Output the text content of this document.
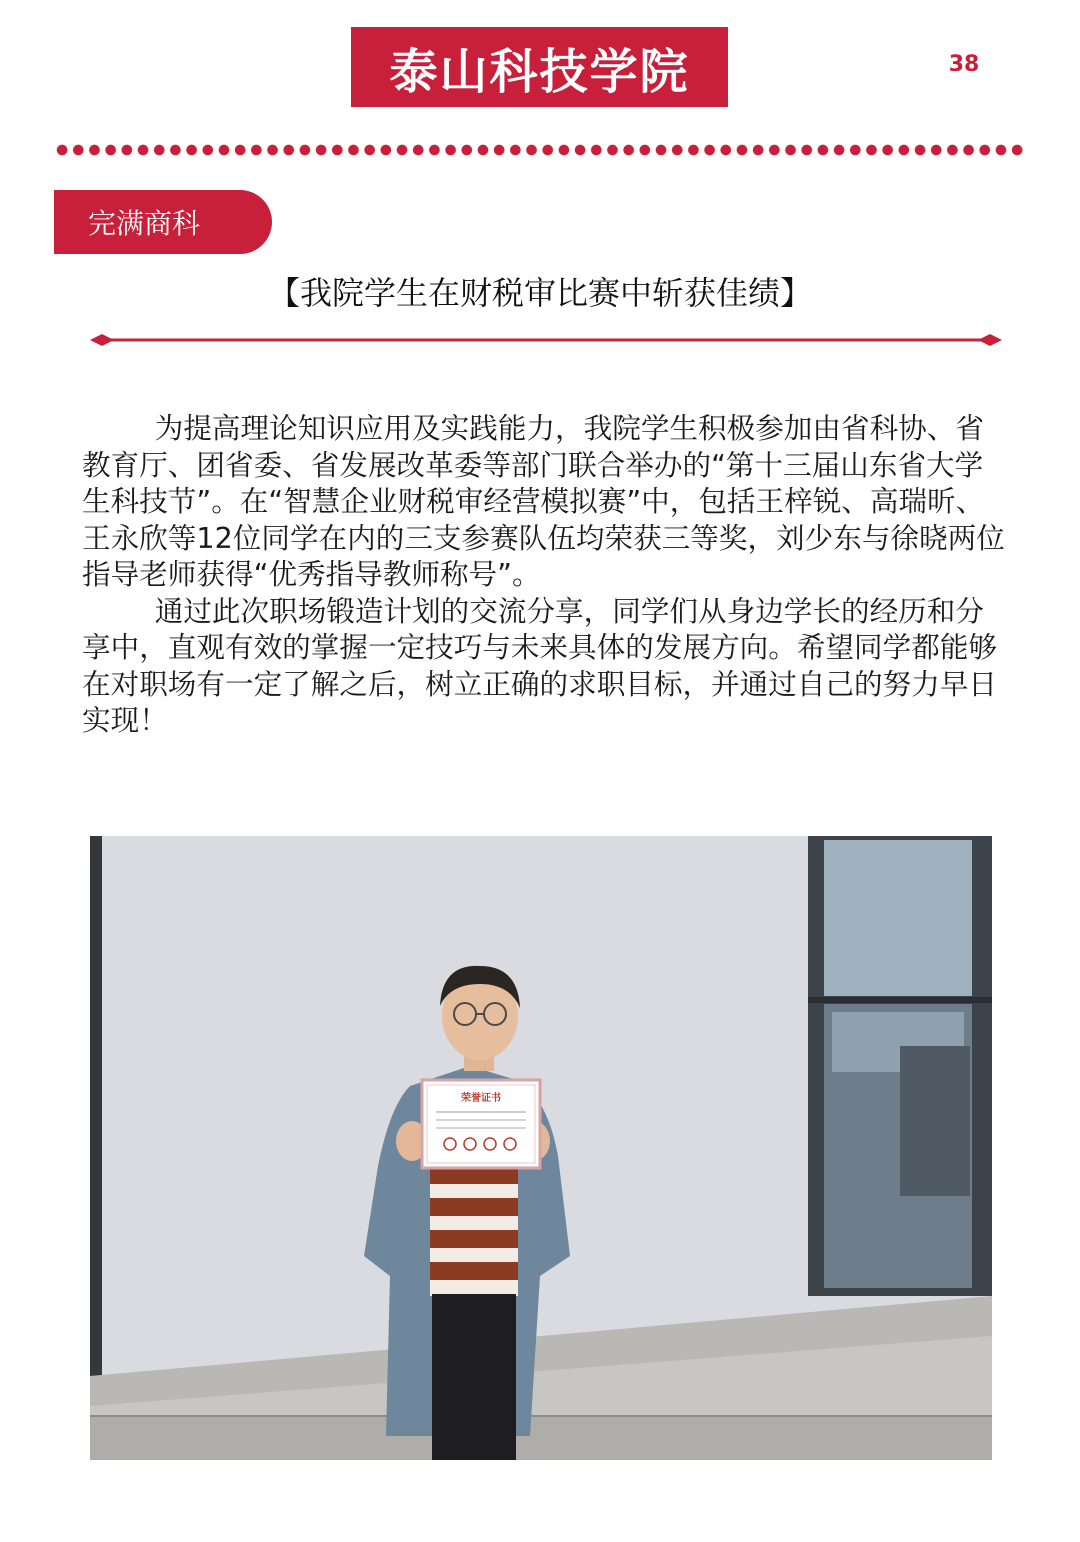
泰山科技学院	38
完满商科
【我院学生在财税审比赛中斩获佳绩】

为提高理论知识应用及实践能力，我院学生积极参加由省科协、省教育厅、团省委、省发展改革委等部门联合举办的“第十三届山东省大学生科技节”。在“智慧企业财税审经营模拟赛”中，包括王梓锐、高瑞昕、王永欣等12位同学在内的三支参赛队伍均荣获三等奖，刘少东与徐晓两位指导老师获得“优秀指导教师称号”。

通过此次职场锻造计划的交流分享，同学们从身边学长的经历和分享中，直观有效的掌握一定技巧与未来具体的发展方向。希望同学都能够在对职场有一定了解之后，树立正确的求职目标，并通过自己的努力早日实现！

荣誉证书
